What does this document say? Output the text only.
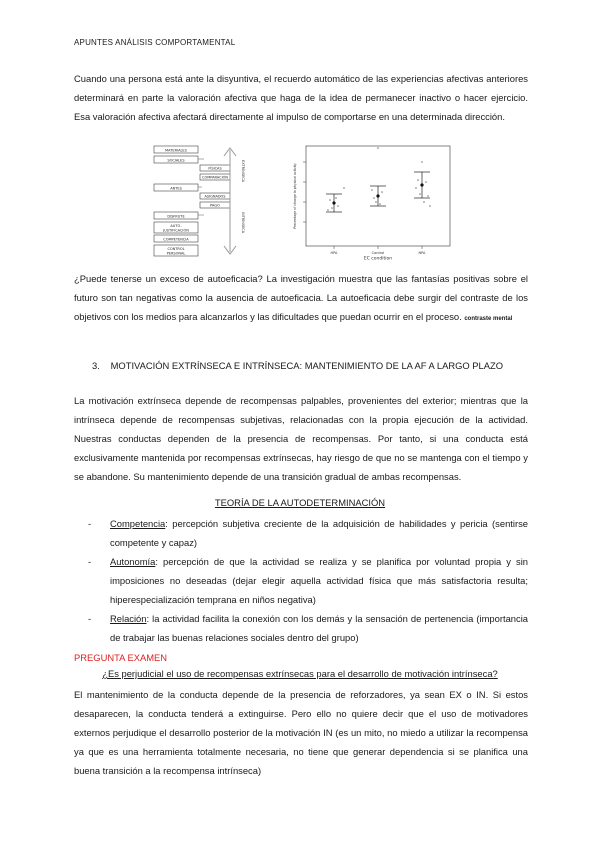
APUNTES ANÁLISIS COMPORTAMENTAL
Cuando una persona está ante la disyuntiva, el recuerdo automático de las experiencias afectivas anteriores determinará en parte la valoración afectiva que haga de la idea de permanecer inactivo o hacer ejercicio. Esa valoración afectiva afectará directamente al impulso de comportarse en una determinada dirección.
MATERIALES
SOCIALES
FÍSICAS
COMPARACIÓN
ANTES
ASIGNADOS
PAGO
DISFRUTE
AUTO-
JUSTIFICACIÓN
COMPETENCIA
CONTROL
PERSONAL
EXTRÍNSECA
INTRÍNSECA
HPA	Control	NPA
EC condition
Percentage of change in physical activity
¿Puede tenerse un exceso de autoeficacia? La investigación muestra que las fantasías positivas sobre el futuro son tan negativas como la ausencia de autoeficacia. La autoeficacia debe surgir del contraste de los objetivos con los medios para alcanzarlos y las dificultades que puedan ocurrir en el proceso. contraste mental
3. MOTIVACIÓN EXTRÍNSECA E INTRÍNSECA: MANTENIMIENTO DE LA AF A LARGO PLAZO
La motivación extrínseca depende de recompensas palpables, provenientes del exterior; mientras que la intrínseca depende de recompensas subjetivas, relacionadas con la propia ejecución de la actividad. Nuestras conductas dependen de la presencia de recompensas. Por tanto, si una conducta está exclusivamente mantenida por recompensas extrínsecas, hay riesgo de que no se mantenga con el tiempo y se abandone. Su mantenimiento depende de una transición gradual de ambas recompensas.
TEORÍA DE LA AUTODETERMINACIÓN
- Competencia: percepción subjetiva creciente de la adquisición de habilidades y pericia (sentirse competente y capaz)
- Autonomía: percepción de que la actividad se realiza y se planifica por voluntad propia y sin imposiciones no deseadas (dejar elegir aquella actividad física que más satisfactoria resulta; hiperespecialización temprana en niños negativa)
- Relación: la actividad facilita la conexión con los demás y la sensación de pertenencia (importancia de trabajar las buenas relaciones sociales dentro del grupo)
PREGUNTA EXAMEN
¿Es perjudicial el uso de recompensas extrínsecas para el desarrollo de motivación intrínseca?
El mantenimiento de la conducta depende de la presencia de reforzadores, ya sean EX o IN. Si estos desaparecen, la conducta tenderá a extinguirse. Pero ello no quiere decir que el uso de motivadores externos perjudique el desarrollo posterior de la motivación IN (es un mito, no miedo a utilizar la recompensa ya que es una herramienta totalmente necesaria, no tiene que generar dependencia si se planifica una buena transición a la recompensa intrínseca)
